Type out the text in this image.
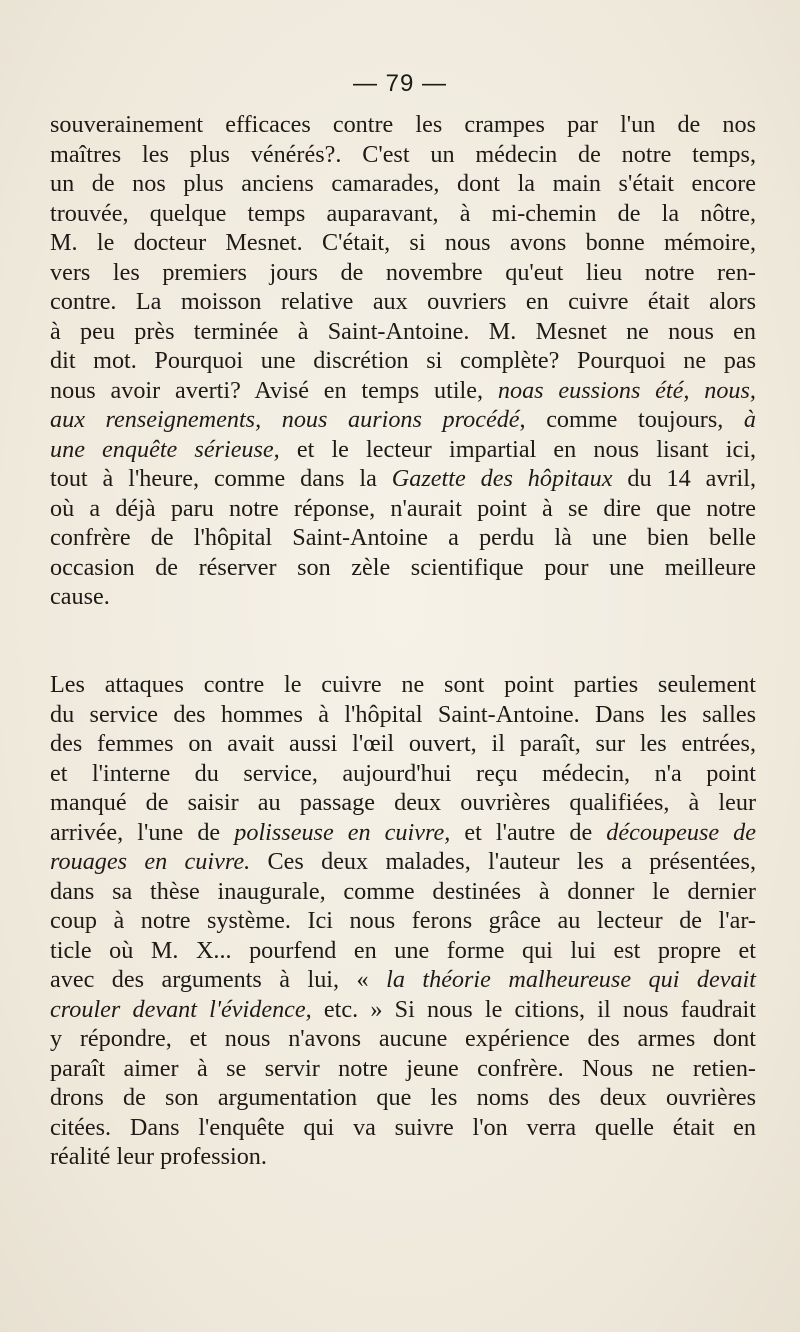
— 79 —
souverainement efficaces contre les crampes par l'un de nos
maîtres les plus vénérés?. C'est un médecin de notre temps,
un de nos plus anciens camarades, dont la main s'était encore
trouvée, quelque temps auparavant, à mi-chemin de la nôtre,
M. le docteur Mesnet. C'était, si nous avons bonne mémoire,
vers les premiers jours de novembre qu'eut lieu notre ren-
contre. La moisson relative aux ouvriers en cuivre était alors
à peu près terminée à Saint-Antoine. M. Mesnet ne nous en
dit mot. Pourquoi une discrétion si complète? Pourquoi ne pas
nous avoir averti? Avisé en temps utile, noas eussions été, nous,
aux renseignements, nous aurions procédé, comme toujours, à
une enquête sérieuse, et le lecteur impartial en nous lisant ici,
tout à l'heure, comme dans la Gazette des hôpitaux du 14 avril,
où a déjà paru notre réponse, n'aurait point à se dire que notre
confrère de l'hôpital Saint-Antoine a perdu là une bien belle
occasion de réserver son zèle scientifique pour une meilleure
cause.
Les attaques contre le cuivre ne sont point parties seulement
du service des hommes à l'hôpital Saint-Antoine. Dans les salles
des femmes on avait aussi l'œil ouvert, il paraît, sur les entrées,
et l'interne du service, aujourd'hui reçu médecin, n'a point
manqué de saisir au passage deux ouvrières qualifiées, à leur
arrivée, l'une de polisseuse en cuivre, et l'autre de découpeuse de
rouages en cuivre. Ces deux malades, l'auteur les a présentées,
dans sa thèse inaugurale, comme destinées à donner le dernier
coup à notre système. Ici nous ferons grâce au lecteur de l'ar-
ticle où M. X... pourfend en une forme qui lui est propre et
avec des arguments à lui, « la théorie malheureuse qui devait
crouler devant l'évidence, etc. » Si nous le citions, il nous faudrait
y répondre, et nous n'avons aucune expérience des armes dont
paraît aimer à se servir notre jeune confrère. Nous ne retien-
drons de son argumentation que les noms des deux ouvrières
citées. Dans l'enquête qui va suivre l'on verra quelle était en
réalité leur profession.
